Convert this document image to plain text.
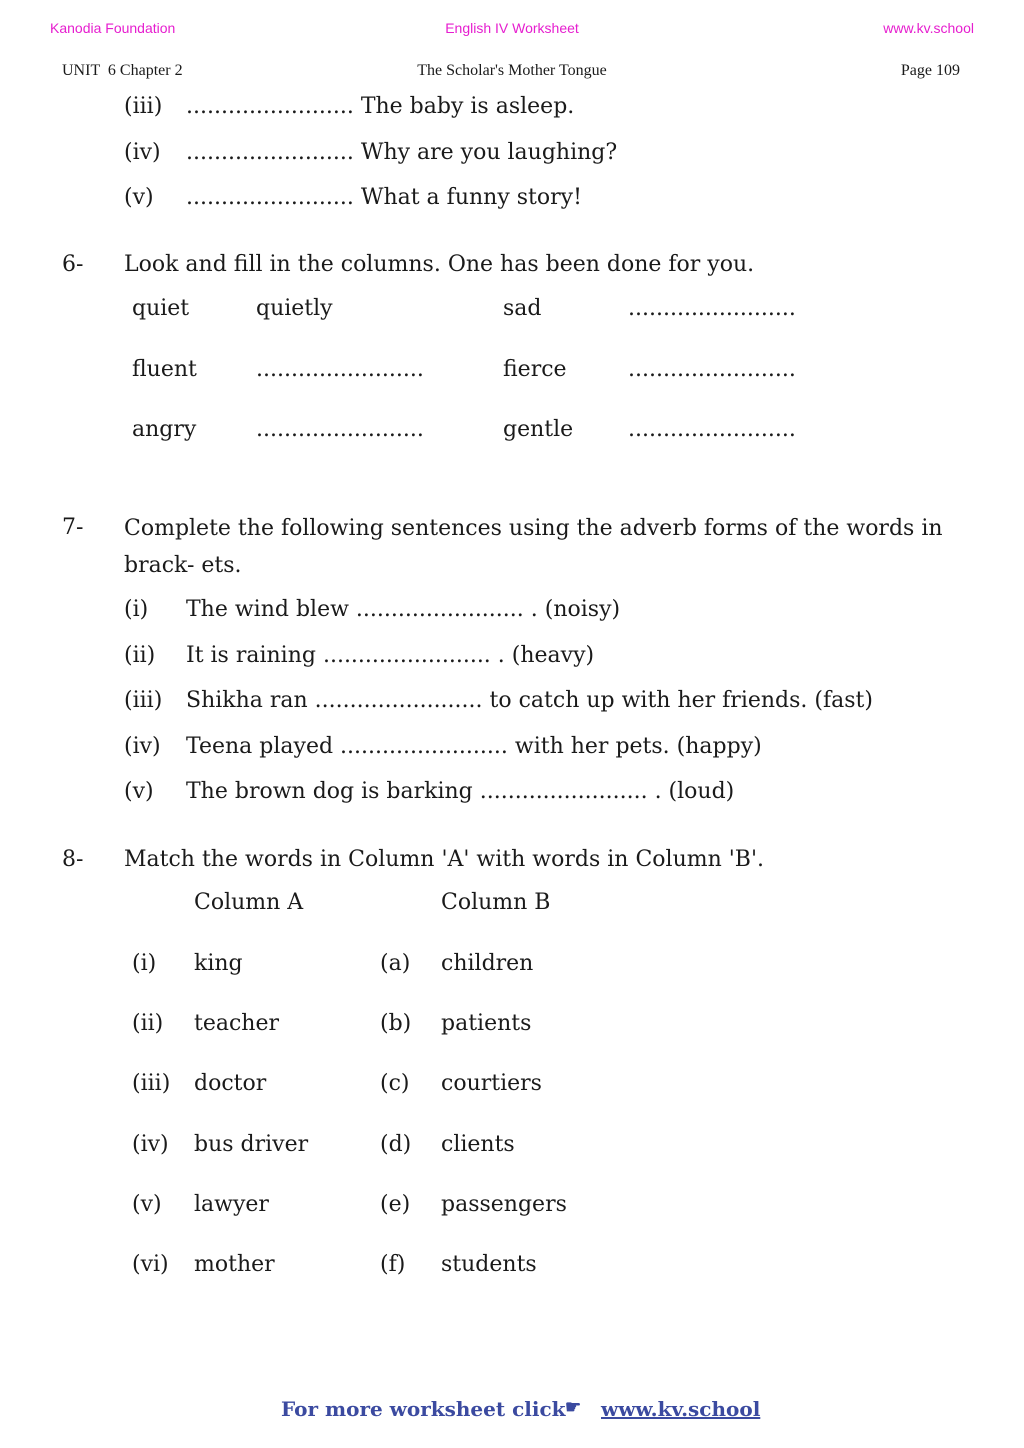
Kanodia Foundation	English IV Worksheet	www.kv.school
UNIT  6 Chapter 2	The Scholar's Mother Tongue	Page 109
(iii) ........................ The baby is asleep.
(iv) ........................ Why are you laughing?
(v) ........................ What a funny story!
6- Look and fill in the columns. One has been done for you.
quiet	quietly	sad	........................
fluent	........................	fierce	........................
angry	........................	gentle ........................
7- Complete the following sentences using the adverb forms of the words in brack- ets.
(i) The wind blew ........................ . (noisy)
(ii) It is raining ........................ . (heavy)
(iii) Shikha ran ........................ to catch up with her friends. (fast)
(iv) Teena played ........................ with her pets. (happy)
(v) The brown dog is barking ........................ . (loud)
8- Match the words in Column 'A' with words in Column 'B'.
Column A	Column B
(i) king	(a) children
(ii) teacher	(b) patients
(iii) doctor	(c) courtiers
(iv) bus driver	(d) clients
(v) lawyer	(e) passengers
(vi) mother	(f) students
For more worksheet click ☛ www.kv.school
